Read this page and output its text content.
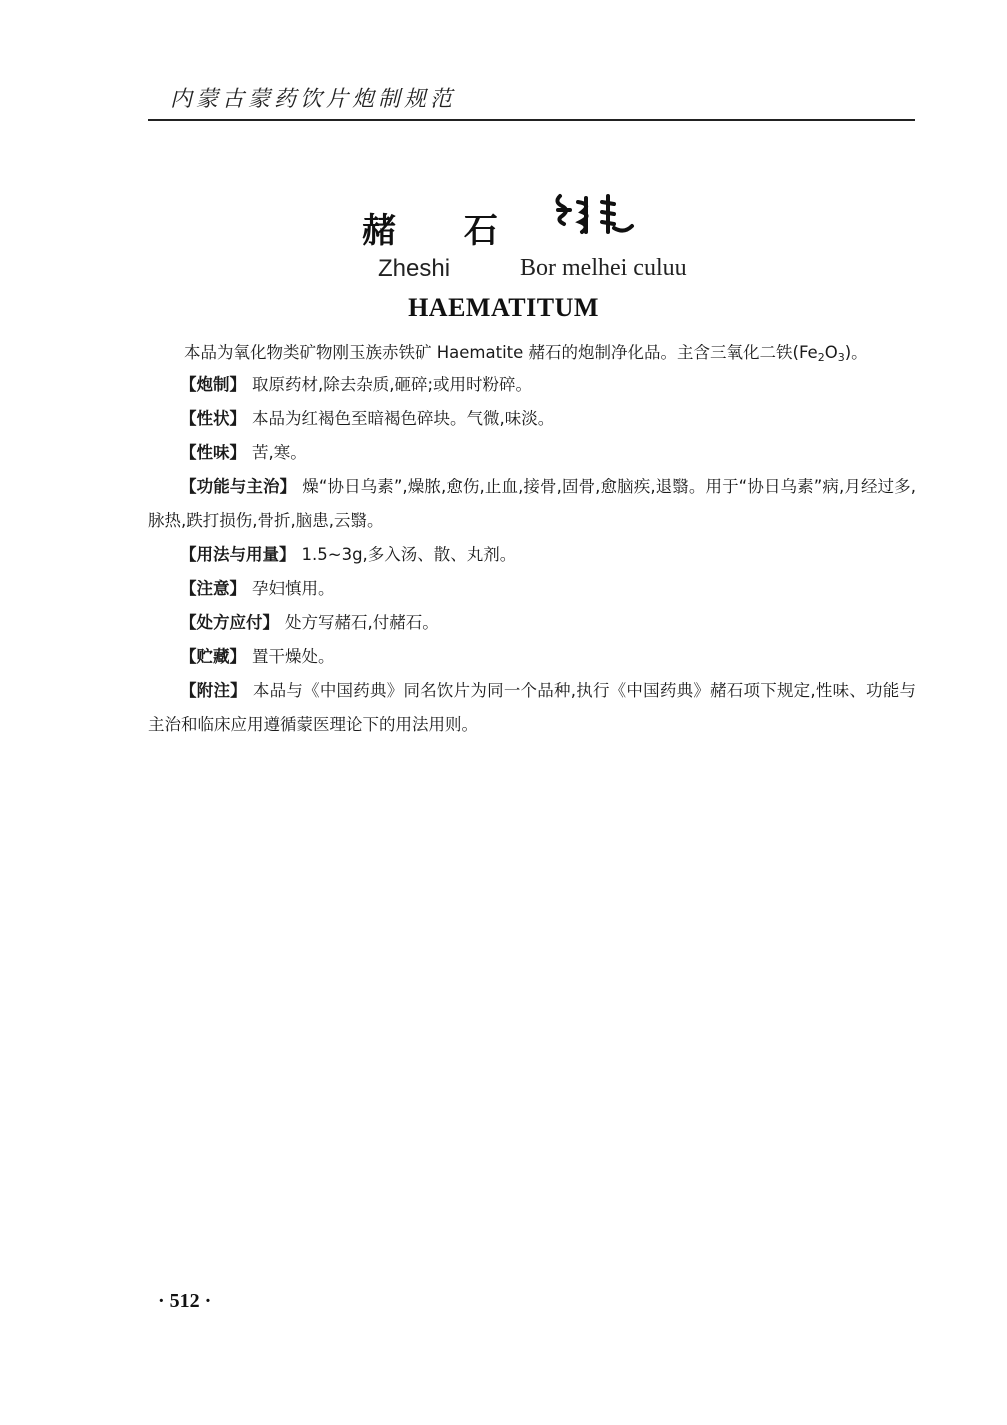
内蒙古蒙药饮片炮制规范
赭 石
Zheshi	Bor melhei culuu
HAEMATITUM
本品为氧化物类矿物刚玉族赤铁矿 Haematite 赭石的炮制净化品。主含三氧化二铁$(Fe_2O_3)$。
【炮制】 取原药材,除去杂质,砸碎;或用时粉碎。
【性状】 本品为红褐色至暗褐色碎块。气微,味淡。
【性味】 苦,寒。
【功能与主治】 燥“协日乌素”,燥脓,愈伤,止血,接骨,固骨,愈脑疾,退翳。用于“协日乌素”病,月经过多,脉热,跌打损伤,骨折,脑患,云翳。
【用法与用量】 1.5~3g,多入汤、散、丸剂。
【注意】 孕妇慎用。
【处方应付】 处方写赭石,付赭石。
【贮藏】 置干燥处。
【附注】 本品与《中国药典》同名饮片为同一个品种,执行《中国药典》赭石项下规定,性味、功能与主治和临床应用遵循蒙医理论下的用法用则。
· 512 ·
